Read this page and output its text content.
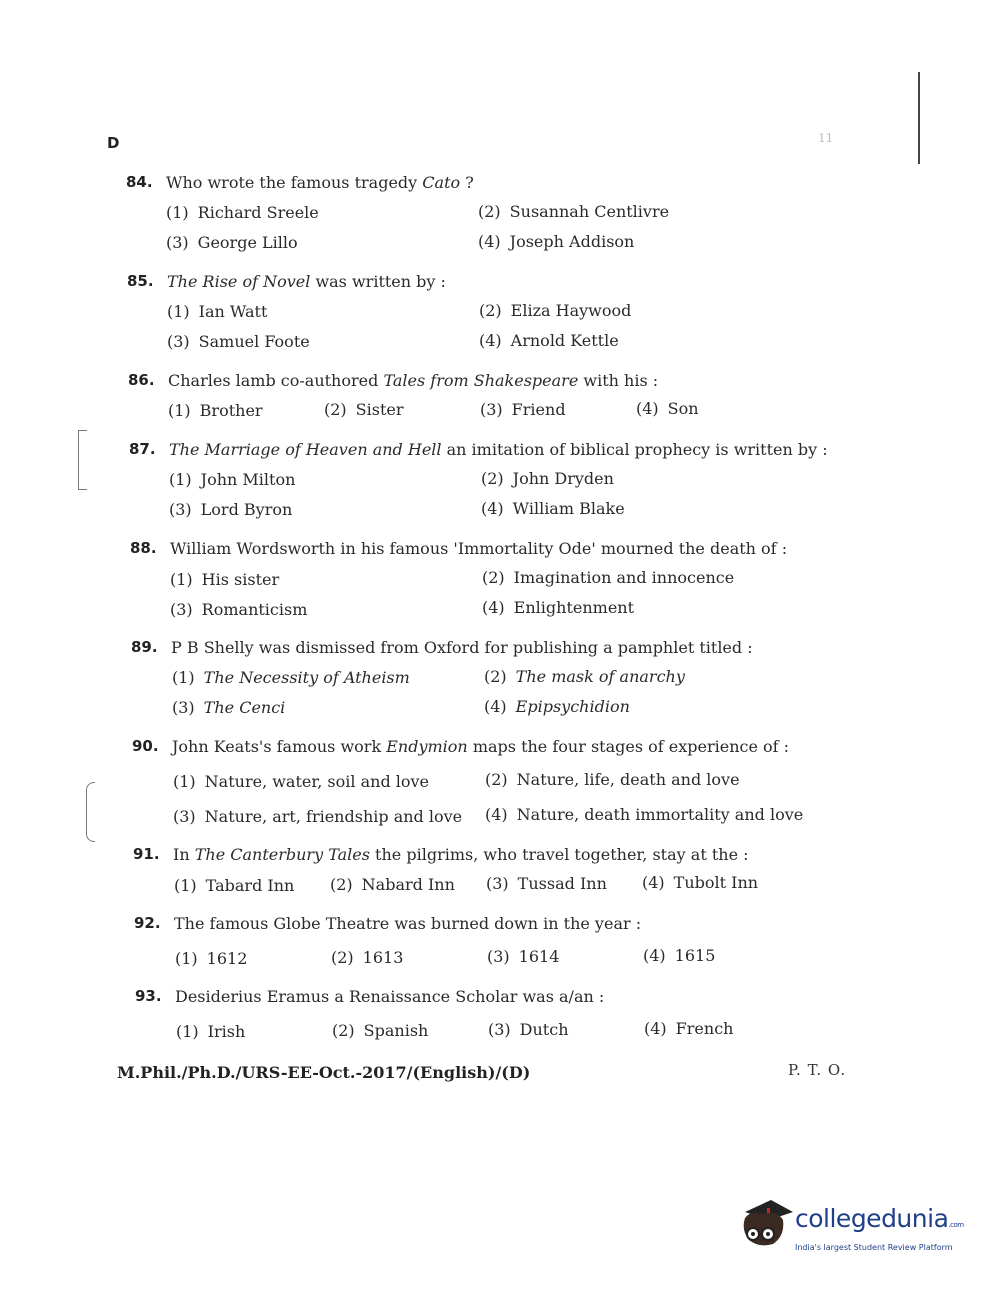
D	11
84. Who wrote the famous tragedy Cato ?
(1) Richard Sreele	(2) Susannah Centlivre
(3) George Lillo	(4) Joseph Addison
85. The Rise of Novel was written by :
(1) Ian Watt	(2) Eliza Haywood
(3) Samuel Foote	(4) Arnold Kettle
86. Charles lamb co-authored Tales from Shakespeare with his :
(1) Brother	(2) Sister	(3) Friend	(4) Son
87. The Marriage of Heaven and Hell an imitation of biblical prophecy is written by :
(1) John Milton	(2) John Dryden
(3) Lord Byron	(4) William Blake
88. William Wordsworth in his famous 'Immortality Ode' mourned the death of :
(1) His sister	(2) Imagination and innocence
(3) Romanticism	(4) Enlightenment
89. P B Shelly was dismissed from Oxford for publishing a pamphlet titled :
(1) The Necessity of Atheism	(2) The mask of anarchy
(3) The Cenci	(4) Epipsychidion
90. John Keats's famous work Endymion maps the four stages of experience of :
(1) Nature, water, soil and love	(2) Nature, life, death and love
(3) Nature, art, friendship and love (4) Nature, death immortality and love
91. In The Canterbury Tales the pilgrims, who travel together, stay at the :
(1) Tabard Inn (2) Nabard Inn (3) Tussad Inn (4) Tubolt Inn
92. The famous Globe Theatre was burned down in the year :
(1) 1612	(2) 1613	(3) 1614	(4) 1615
93. Desiderius Eramus a Renaissance Scholar was a/an :
(1) Irish	(2) Spanish	(3) Dutch	(4) French
M.Phil./Ph.D./URS-EE-Oct.-2017/(English)/(D)	P. T. O.
collegedunia.com
India's largest Student Review Platform
